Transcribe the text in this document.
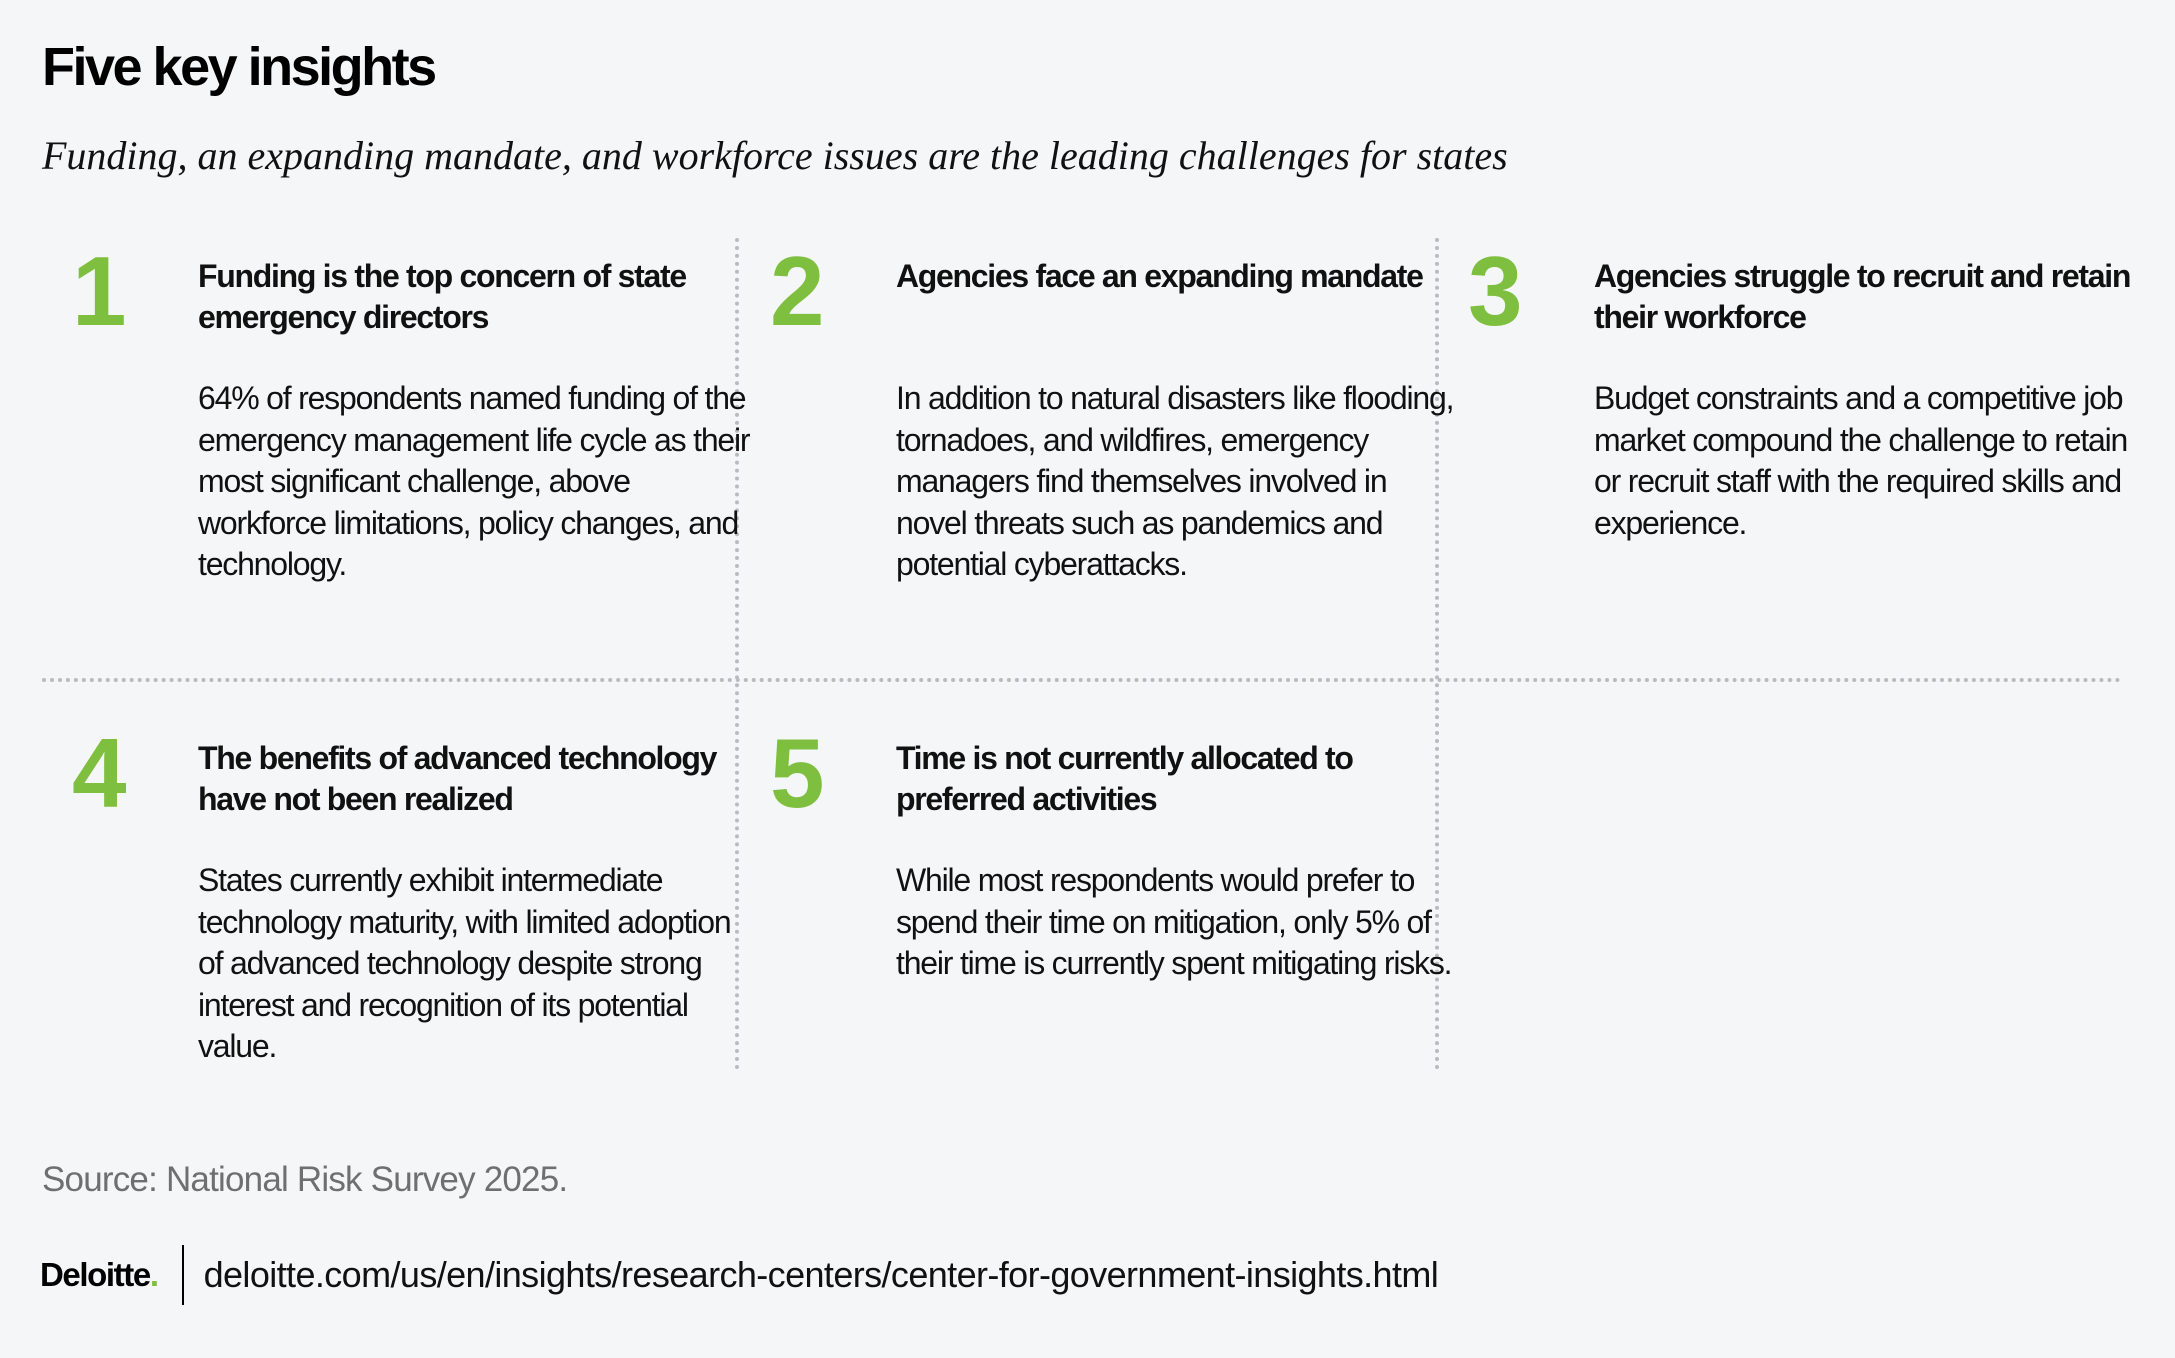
Five key insights
Funding, an expanding mandate, and workforce issues are the leading challenges for states
1 Funding is the top concern of state emergency directors
64% of respondents named funding of the emergency management life cycle as their most significant challenge, above workforce limitations, policy changes, and technology.
2 Agencies face an expanding mandate
In addition to natural disasters like flooding, tornadoes, and wildfires, emergency managers find themselves involved in novel threats such as pandemics and potential cyberattacks.
3 Agencies struggle to recruit and retain their workforce
Budget constraints and a competitive job market compound the challenge to retain or recruit staff with the required skills and experience.
4 The benefits of advanced technology have not been realized
States currently exhibit intermediate technology maturity, with limited adoption of advanced technology despite strong interest and recognition of its potential value.
5 Time is not currently allocated to preferred activities
While most respondents would prefer to spend their time on mitigation, only 5% of their time is currently spent mitigating risks.
Source: National Risk Survey 2025.
Deloitte. deloitte.com/us/en/insights/research-centers/center-for-government-insights.html
